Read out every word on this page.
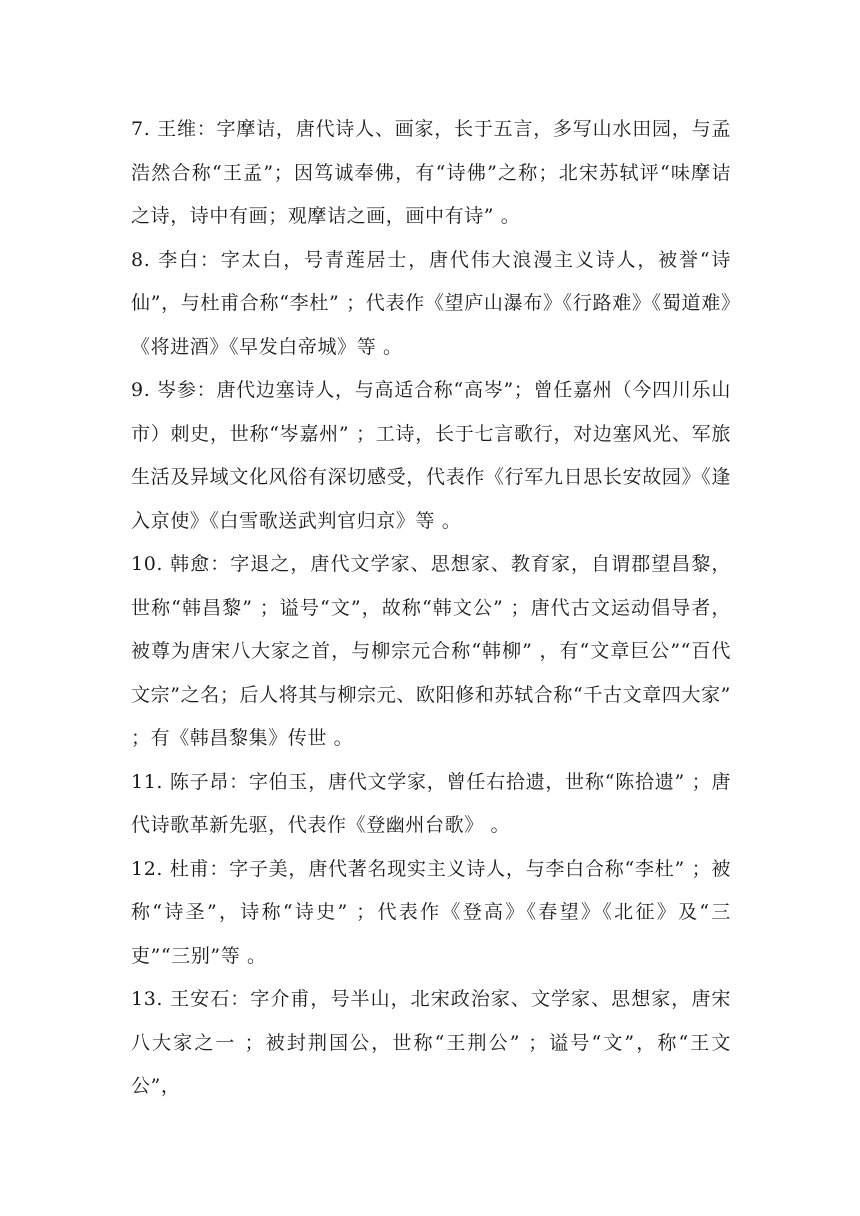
7. 王维：字摩诘，唐代诗人、画家，长于五言，多写山水田园，与孟浩然合称“王孟”；因笃诚奉佛，有“诗佛”之称；北宋苏轼评“味摩诘之诗，诗中有画；观摩诘之画，画中有诗” 。

8. 李白：字太白，号青莲居士，唐代伟大浪漫主义诗人，被誉“诗仙”，与杜甫合称“李杜” ；代表作《望庐山瀑布》《行路难》《蜀道难》《将进酒》《早发白帝城》等 。

9. 岑参：唐代边塞诗人，与高适合称“高岑”；曾任嘉州（今四川乐山市）刺史，世称“岑嘉州” ；工诗，长于七言歌行，对边塞风光、军旅生活及异域文化风俗有深切感受，代表作《行军九日思长安故园》《逢入京使》《白雪歌送武判官归京》等 。

10. 韩愈：字退之，唐代文学家、思想家、教育家，自谓郡望昌黎，世称“韩昌黎” ；谥号“文”，故称“韩文公” ；唐代古文运动倡导者，被尊为唐宋八大家之首，与柳宗元合称“韩柳” ，有“文章巨公”“百代文宗”之名；后人将其与柳宗元、欧阳修和苏轼合称“千古文章四大家” ；有《韩昌黎集》传世 。

11. 陈子昂：字伯玉，唐代文学家，曾任右拾遗，世称“陈拾遗” ；唐代诗歌革新先驱，代表作《登幽州台歌》 。

12. 杜甫：字子美，唐代著名现实主义诗人，与李白合称“李杜” ；被称“诗圣”，诗称“诗史” ；代表作《登高》《春望》《北征》及“三吏”“三别”等 。

13. 王安石：字介甫，号半山，北宋政治家、文学家、思想家，唐宋八大家之一 ；被封荆国公，世称“王荆公” ；谥号“文”，称“王文公”，
